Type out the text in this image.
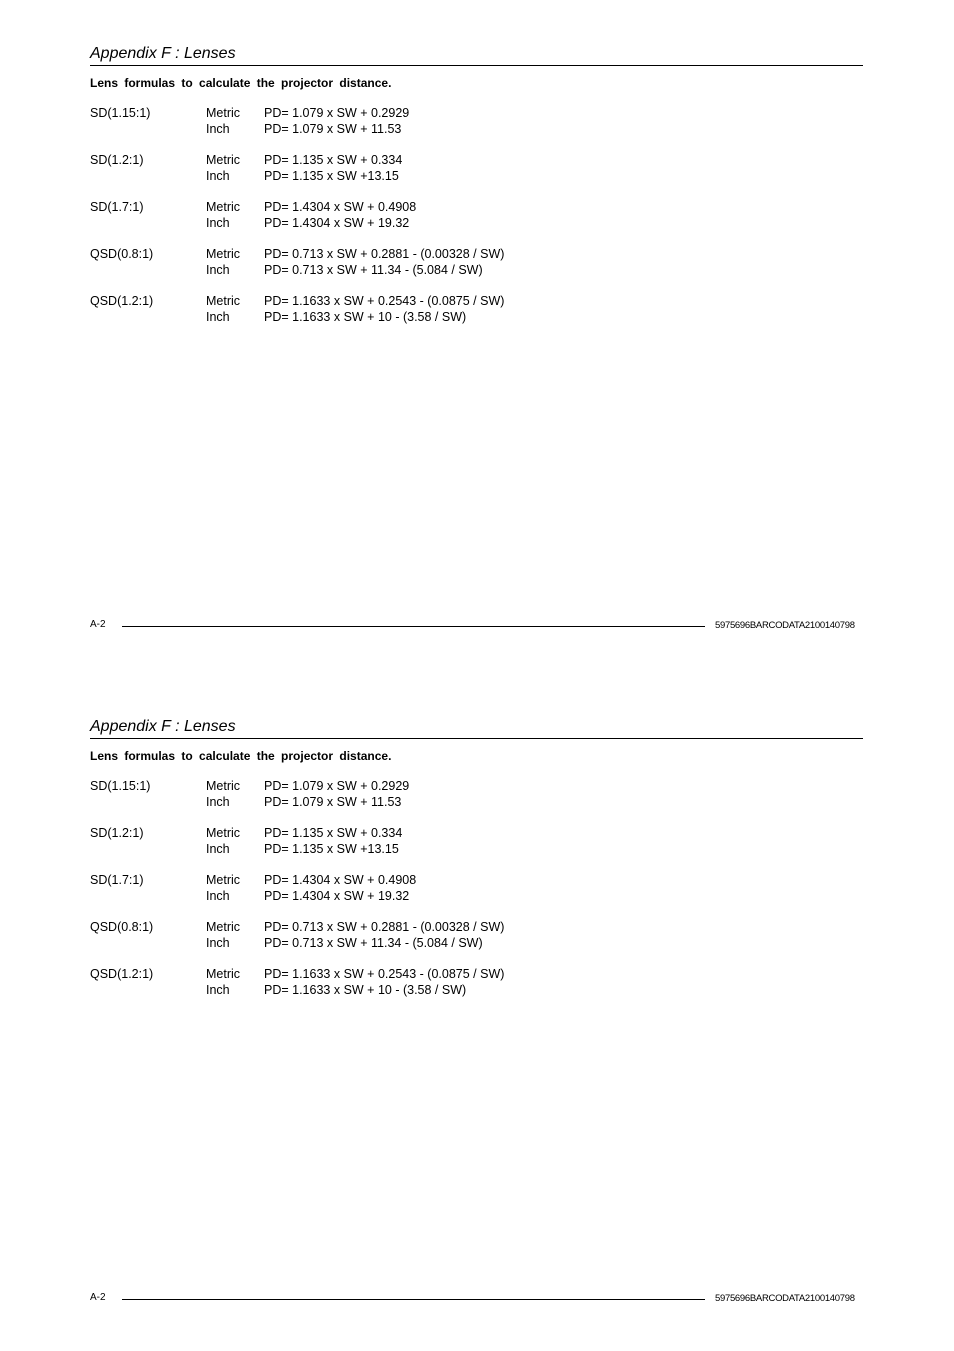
Appendix F : Lenses
Lens formulas to calculate the projector distance.
SD(1.15:1)	Metric PD= 1.079 x SW + 0.2929
Inch	PD= 1.079 x SW + 11.53
SD(1.2:1)	Metric PD= 1.135 x SW + 0.334
Inch	PD= 1.135 x SW +13.15
SD(1.7:1)	Metric PD= 1.4304 x SW + 0.4908
Inch	PD= 1.4304 x SW + 19.32
QSD(0.8:1)	Metric PD= 0.713 x SW + 0.2881 - (0.00328 / SW)
Inch	PD= 0.713 x SW + 11.34 - (5.084 / SW)
QSD(1.2:1)	Metric PD= 1.1633 x SW + 0.2543 - (0.0875 / SW)
Inch	PD= 1.1633 x SW + 10 - (3.58 / SW)
A-2	5975696BARCODATA2100140798
Appendix F : Lenses
Lens formulas to calculate the projector distance.
SD(1.15:1)	Metric PD= 1.079 x SW + 0.2929
Inch	PD= 1.079 x SW + 11.53
SD(1.2:1)	Metric PD= 1.135 x SW + 0.334
Inch	PD= 1.135 x SW +13.15
SD(1.7:1)	Metric PD= 1.4304 x SW + 0.4908
Inch	PD= 1.4304 x SW + 19.32
QSD(0.8:1)	Metric PD= 0.713 x SW + 0.2881 - (0.00328 / SW)
Inch	PD= 0.713 x SW + 11.34 - (5.084 / SW)
QSD(1.2:1)	Metric PD= 1.1633 x SW + 0.2543 - (0.0875 / SW)
Inch	PD= 1.1633 x SW + 10 - (3.58 / SW)
A-2	5975696BARCODATA2100140798
